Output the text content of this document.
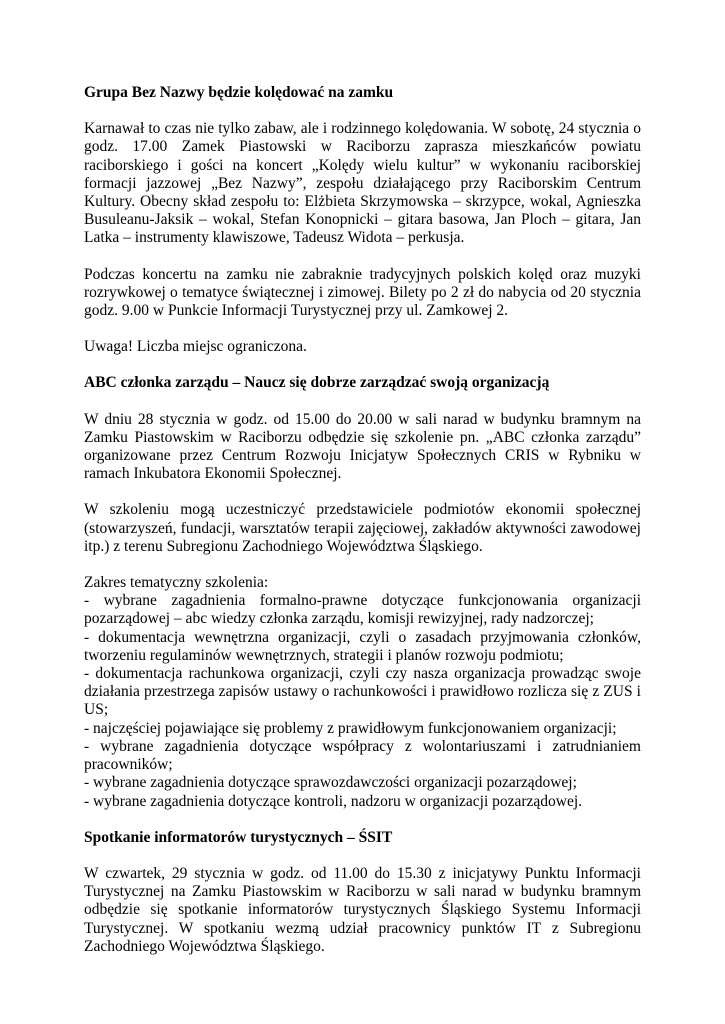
Grupa Bez Nazwy będzie kolędować na zamku

Karnawał to czas nie tylko zabaw, ale i rodzinnego kolędowania. W sobotę, 24 stycznia o godz. 17.00 Zamek Piastowski w Raciborzu zaprasza mieszkańców powiatu raciborskiego i gości na koncert „Kolędy wielu kultur” w wykonaniu raciborskiej formacji jazzowej „Bez Nazwy”, zespołu działającego przy Raciborskim Centrum Kultury. Obecny skład zespołu to: Elżbieta Skrzymowska – skrzypce, wokal, Agnieszka Busuleanu-Jaksik – wokal, Stefan Konopnicki – gitara basowa, Jan Ploch – gitara, Jan Latka – instrumenty klawiszowe, Tadeusz Widota – perkusja.

Podczas koncertu na zamku nie zabraknie tradycyjnych polskich kolęd oraz muzyki rozrywkowej o tematyce świątecznej i zimowej. Bilety po 2 zł do nabycia od 20 stycznia godz. 9.00 w Punkcie Informacji Turystycznej przy ul. Zamkowej 2.

Uwaga! Liczba miejsc ograniczona.

ABC członka zarządu – Naucz się dobrze zarządzać swoją organizacją

W dniu 28 stycznia w godz. od 15.00 do 20.00 w sali narad w budynku bramnym na Zamku Piastowskim w Raciborzu odbędzie się szkolenie pn. „ABC członka zarządu” organizowane przez Centrum Rozwoju Inicjatyw Społecznych CRIS w Rybniku w ramach Inkubatora Ekonomii Społecznej.

W szkoleniu mogą uczestniczyć przedstawiciele podmiotów ekonomii społecznej (stowarzyszeń, fundacji, warsztatów terapii zajęciowej, zakładów aktywności zawodowej itp.) z terenu Subregionu Zachodniego Województwa Śląskiego.

Zakres tematyczny szkolenia:
- wybrane zagadnienia formalno-prawne dotyczące funkcjonowania organizacji pozarządowej – abc wiedzy członka zarządu, komisji rewizyjnej, rady nadzorczej;
- dokumentacja wewnętrzna organizacji, czyli o zasadach przyjmowania członków, tworzeniu regulaminów wewnętrznych, strategii i planów rozwoju podmiotu;
- dokumentacja rachunkowa organizacji, czyli czy nasza organizacja prowadząc swoje działania przestrzega zapisów ustawy o rachunkowości i prawidłowo rozlicza się z ZUS i US;
- najczęściej pojawiające się problemy z prawidłowym funkcjonowaniem organizacji;
- wybrane zagadnienia dotyczące współpracy z wolontariuszami i zatrudnianiem pracowników;
- wybrane zagadnienia dotyczące sprawozdawczości organizacji pozarządowej;
- wybrane zagadnienia dotyczące kontroli, nadzoru w organizacji pozarządowej.

Spotkanie informatorów turystycznych – ŚSIT

W czwartek, 29 stycznia w godz. od 11.00 do 15.30 z inicjatywy Punktu Informacji Turystycznej na Zamku Piastowskim w Raciborzu w sali narad w budynku bramnym odbędzie się spotkanie informatorów turystycznych Śląskiego Systemu Informacji Turystycznej. W spotkaniu wezmą udział pracownicy punktów IT z Subregionu Zachodniego Województwa Śląskiego.
